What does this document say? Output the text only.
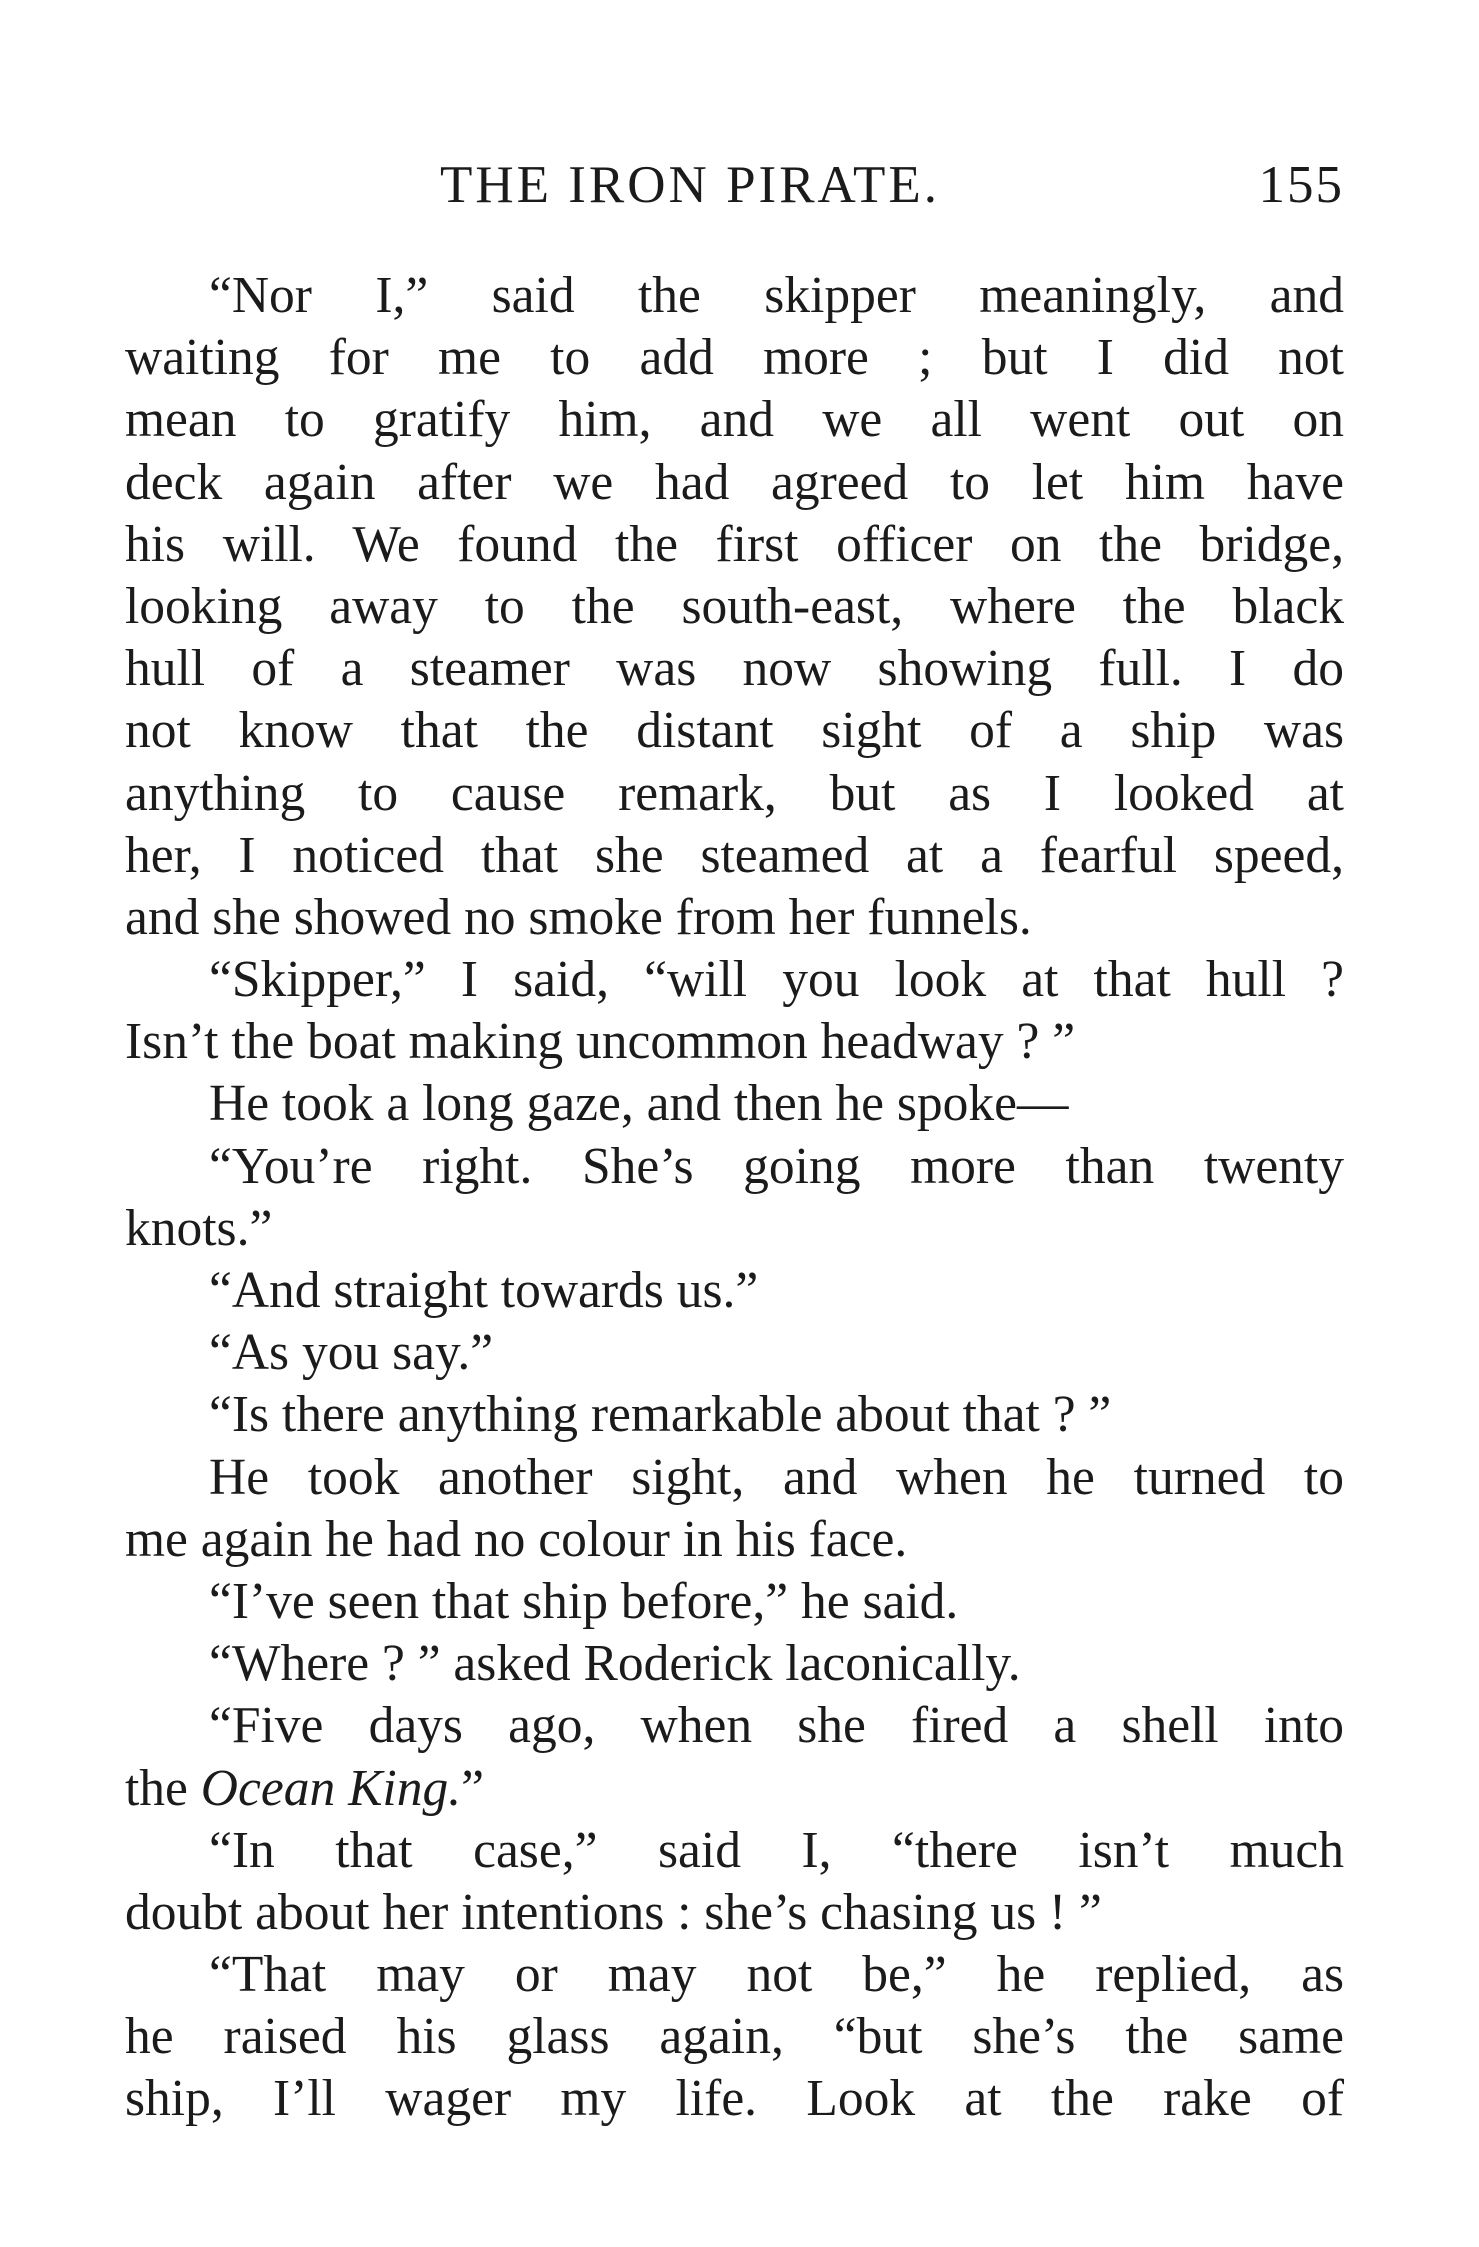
THE IRON PIRATE.	155
“Nor I,” said the skipper meaningly, and
waiting for me to add more ; but I did not
mean to gratify him, and we all went out on
deck again after we had agreed to let him have
his will. We found the first officer on the bridge,
looking away to the south-east, where the black
hull of a steamer was now showing full. I do
not know that the distant sight of a ship was
anything to cause remark, but as I looked at
her, I noticed that she steamed at a fearful speed,
and she showed no smoke from her funnels.
“Skipper,” I said, “will you look at that hull ?
Isn’t the boat making uncommon headway ? ”
He took a long gaze, and then he spoke—
“You’re right. She’s going more than twenty
knots.”
“And straight towards us.”
“As you say.”
“Is there anything remarkable about that ? ”
He took another sight, and when he turned to
me again he had no colour in his face.
“I’ve seen that ship before,” he said.
“Where ? ” asked Roderick laconically.
“Five days ago, when she fired a shell into
the Ocean King.”
“In that case,” said I, “there isn’t much
doubt about her intentions : she’s chasing us ! ”
“That may or may not be,” he replied, as
he raised his glass again, “but she’s the same
ship, I’ll wager my life. Look at the rake of
